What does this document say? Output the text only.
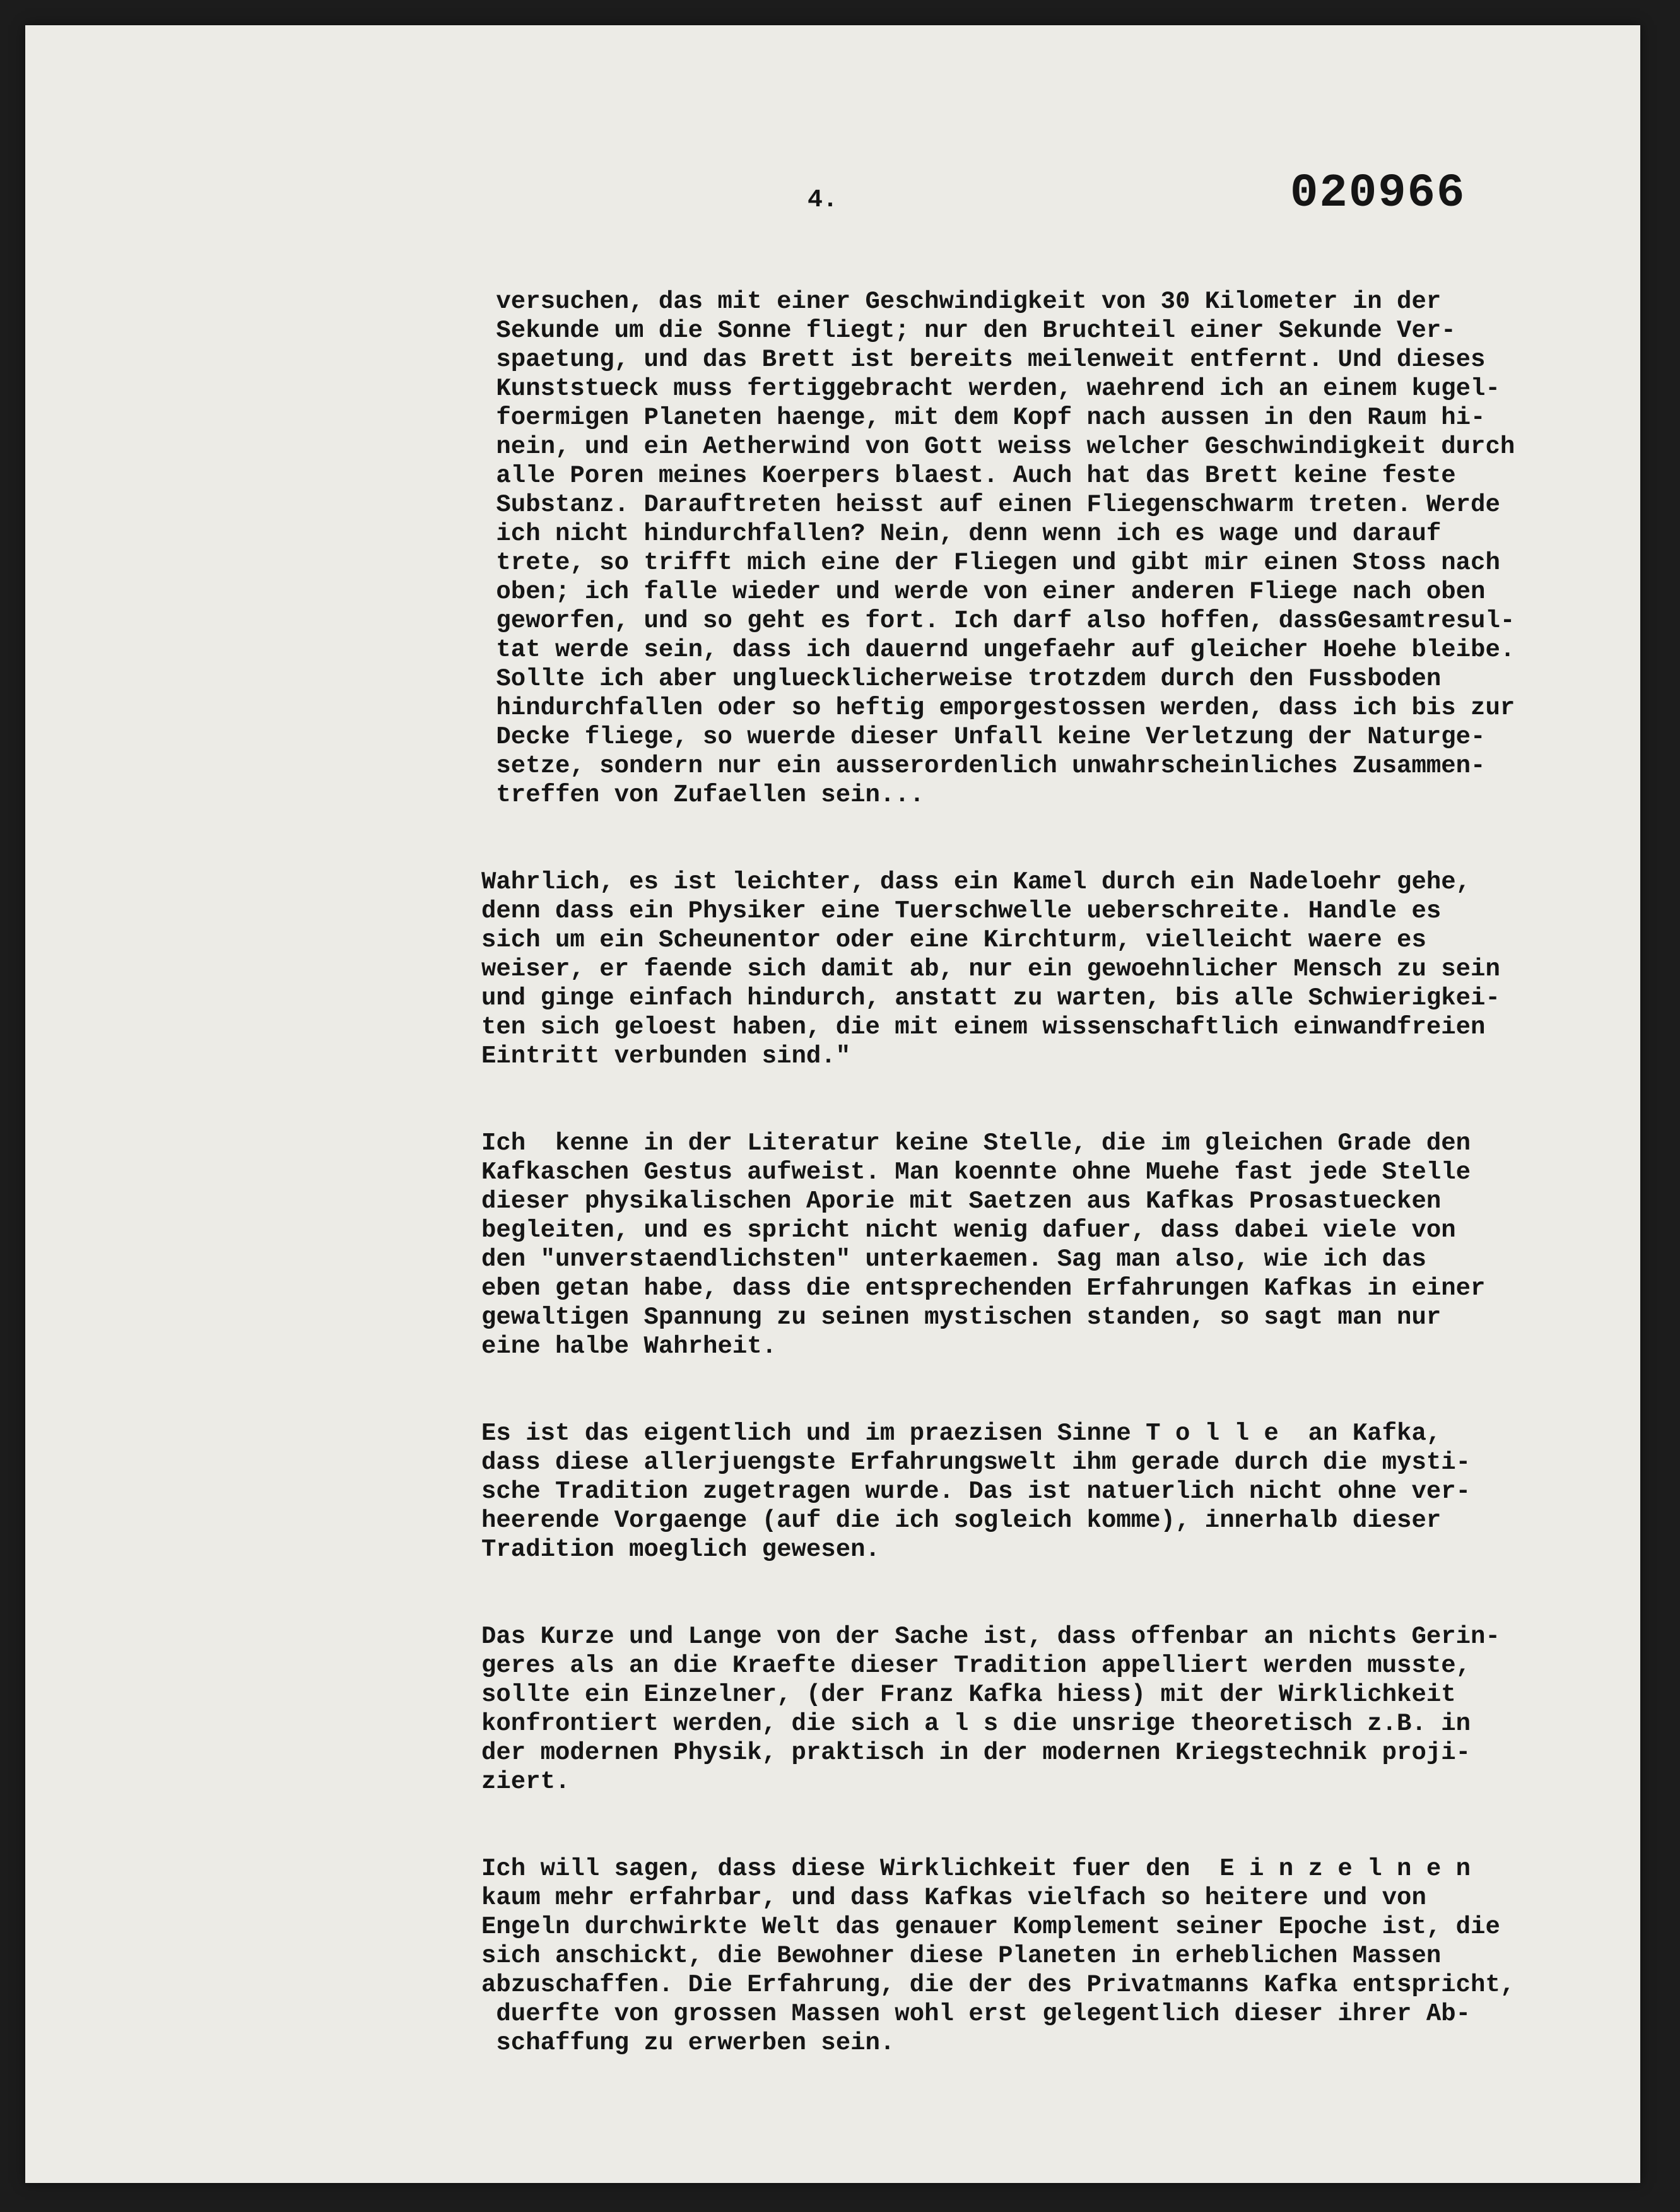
4.	020966
versuchen, das mit einer Geschwindigkeit von 30 Kilometer in der
Sekunde um die Sonne fliegt; nur den Bruchteil einer Sekunde Ver-
spaetung, und das Brett ist bereits meilenweit entfernt. Und dieses
Kunststueck muss fertiggebracht werden, waehrend ich an einem kugel-
foermigen Planeten haenge, mit dem Kopf nach aussen in den Raum hi-
nein, und ein Aetherwind von Gott weiss welcher Geschwindigkeit durch
alle Poren meines Koerpers blaest. Auch hat das Brett keine feste
Substanz. Darauftreten heisst auf einen Fliegenschwarm treten. Werde
ich nicht hindurchfallen? Nein, denn wenn ich es wage und darauf
trete, so trifft mich eine der Fliegen und gibt mir einen Stoss nach
oben; ich falle wieder und werde von einer anderen Fliege nach oben
geworfen, und so geht es fort. Ich darf also hoffen, dassGesamtresul-
tat werde sein, dass ich dauernd ungefaehr auf gleicher Hoehe bleibe.
Sollte ich aber ungluecklicherweise trotzdem durch den Fussboden
hindurchfallen oder so heftig emporgestossen werden, dass ich bis zur
Decke fliege, so wuerde dieser Unfall keine Verletzung der Naturge-
setze, sondern nur ein ausserordenlich unwahrscheinliches Zusammen-
treffen von Zufaellen sein...
Wahrlich, es ist leichter, dass ein Kamel durch ein Nadeloehr gehe,
denn dass ein Physiker eine Tuerschwelle ueberschreite. Handle es
sich um ein Scheunentor oder eine Kirchturm, vielleicht waere es
weiser, er faende sich damit ab, nur ein gewoehnlicher Mensch zu sein
und ginge einfach hindurch, anstatt zu warten, bis alle Schwierigkei-
ten sich geloest haben, die mit einem wissenschaftlich einwandfreien
Eintritt verbunden sind."
Ich  kenne in der Literatur keine Stelle, die im gleichen Grade den
Kafkaschen Gestus aufweist. Man koennte ohne Muehe fast jede Stelle
dieser physikalischen Aporie mit Saetzen aus Kafkas Prosastuecken
begleiten, und es spricht nicht wenig dafuer, dass dabei viele von
den "unverstaendlichsten" unterkaemen. Sag man also, wie ich das
eben getan habe, dass die entsprechenden Erfahrungen Kafkas in einer
gewaltigen Spannung zu seinen mystischen standen, so sagt man nur
eine halbe Wahrheit.
Es ist das eigentlich und im praezisen Sinne T o l l e  an Kafka,
dass diese allerjuengste Erfahrungswelt ihm gerade durch die mysti-
sche Tradition zugetragen wurde. Das ist natuerlich nicht ohne ver-
heerende Vorgaenge (auf die ich sogleich komme), innerhalb dieser
Tradition moeglich gewesen.
Das Kurze und Lange von der Sache ist, dass offenbar an nichts Gerin-
geres als an die Kraefte dieser Tradition appelliert werden musste,
sollte ein Einzelner, (der Franz Kafka hiess) mit der Wirklichkeit
konfrontiert werden, die sich a l s die unsrige theoretisch z.B. in
der modernen Physik, praktisch in der modernen Kriegstechnik proji-
ziert.
Ich will sagen, dass diese Wirklichkeit fuer den  E i n z e l n e n
kaum mehr erfahrbar, und dass Kafkas vielfach so heitere und von
Engeln durchwirkte Welt das genauer Komplement seiner Epoche ist, die
sich anschickt, die Bewohner diese Planeten in erheblichen Massen
abzuschaffen. Die Erfahrung, die der des Privatmanns Kafka entspricht,
duerfte von grossen Massen wohl erst gelegentlich dieser ihrer Ab-
schaffung zu erwerben sein.
